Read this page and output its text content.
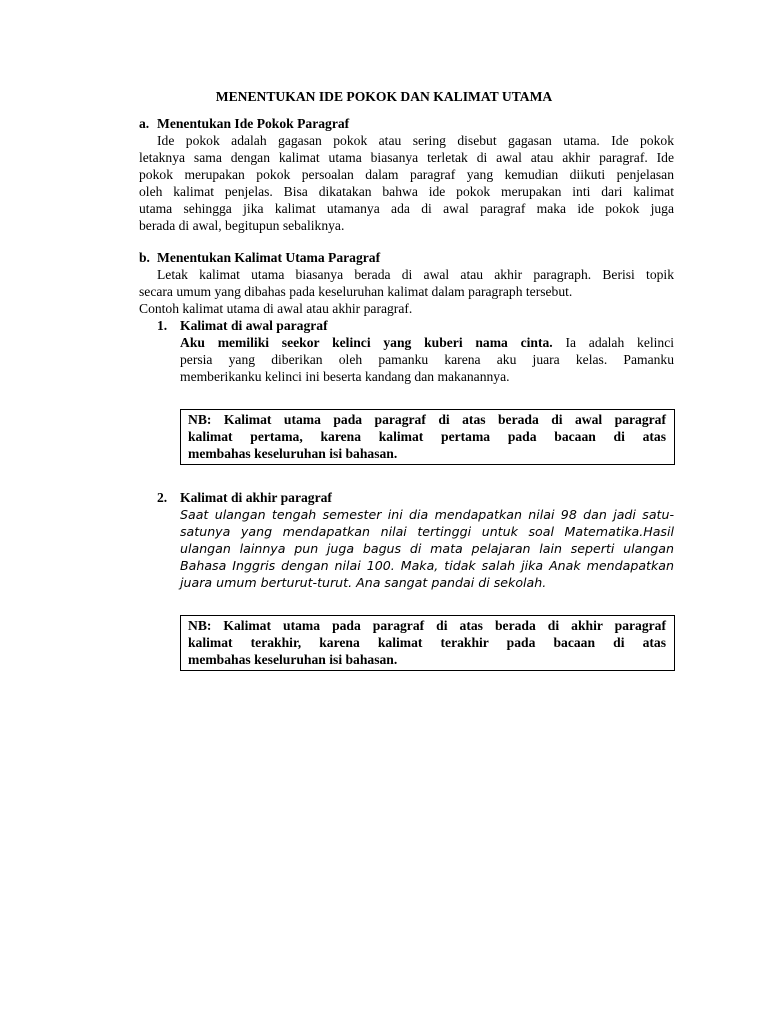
MENENTUKAN IDE POKOK DAN KALIMAT UTAMA
a. Menentukan Ide Pokok Paragraf
Ide pokok adalah gagasan pokok atau sering disebut gagasan utama. Ide pokok
letaknya sama dengan kalimat utama biasanya terletak di awal atau akhir paragraf. Ide
pokok merupakan pokok persoalan dalam paragraf yang kemudian diikuti penjelasan
oleh kalimat penjelas. Bisa dikatakan bahwa ide pokok merupakan inti dari kalimat
utama sehingga jika kalimat utamanya ada di awal paragraf maka ide pokok juga
berada di awal, begitupun sebaliknya.
b. Menentukan Kalimat Utama Paragraf
Letak kalimat utama biasanya berada di awal atau akhir paragraph. Berisi topik
secara umum yang dibahas pada keseluruhan kalimat dalam paragraph tersebut.
Contoh kalimat utama di awal atau akhir paragraf.
1. Kalimat di awal paragraf
Aku memiliki seekor kelinci yang kuberi nama cinta. Ia adalah kelinci
persia yang diberikan oleh pamanku karena aku juara kelas. Pamanku
memberikanku kelinci ini beserta kandang dan makanannya.
NB: Kalimat utama pada paragraf di atas berada di awal paragraf
kalimat pertama, karena kalimat pertama pada bacaan di atas
membahas keseluruhan isi bahasan.
2. Kalimat di akhir paragraf
Saat ulangan tengah semester ini dia mendapatkan nilai 98 dan jadi satu-
satunya yang mendapatkan nilai tertinggi untuk soal Matematika.Hasil
ulangan lainnya pun juga bagus di mata pelajaran lain seperti ulangan
Bahasa Inggris dengan nilai 100. Maka, tidak salah jika Anak mendapatkan
juara umum berturut-turut. Ana sangat pandai di sekolah.
NB: Kalimat utama pada paragraf di atas berada di akhir paragraf
kalimat terakhir, karena kalimat terakhir pada bacaan di atas
membahas keseluruhan isi bahasan.
